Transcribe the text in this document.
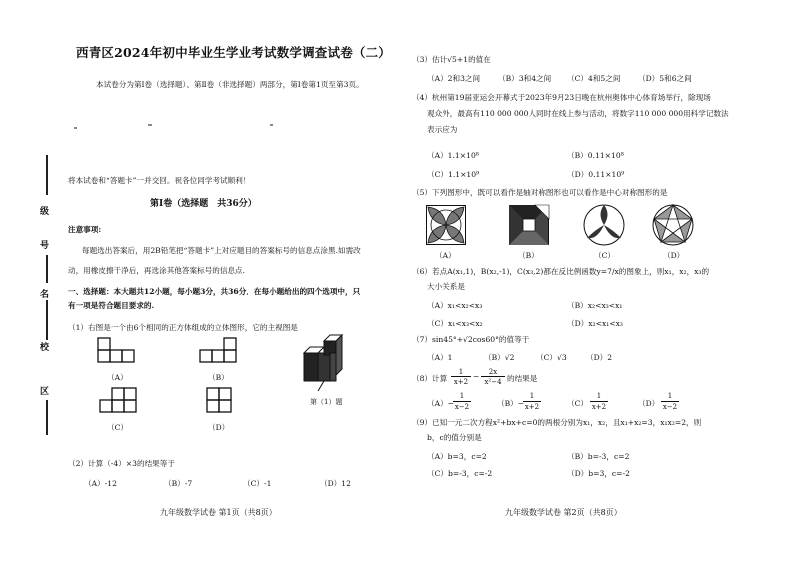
西青区2024年初中毕业生学业考试数学调查试卷（二）
本试卷分为第Ⅰ卷（选择题）、第Ⅱ卷（非选择题）两部分，第Ⅰ卷第1页至第3页。
级
号
名
校
区
将本试卷和“答题卡”一并交回。祝各位同学考试顺利！
第Ⅰ卷（选择题　共36分）
注意事项:
每题选出答案后，用2B铅笔把“答题卡”上对应题目的答案标号的信息点涂黑.如需改
动，用橡皮擦干净后，再选涂其他答案标号的信息点.
一、选择题：本大题共12小题，每小题3分，共36分．在每小题给出的四个选项中，只
有一项是符合题目要求的.
（1）右图是一个由6个相同的正方体组成的立体图形，它的主视图是
（A）	（B）
第（1）题
（C）	（D）
（2）计算（-4）×3的结果等于
（A）-12	（B）-7	（C）-1	（D）12
九年级数学试卷 第1页（共8页）
（3）估计√5+1的值在
（A）2和3之间 （B）3和4之间 （C）4和5之间 （D）5和6之间
（4）杭州第19届亚运会开幕式于2023年9月23日晚在杭州奥体中心体育场举行，除现场
观众外，最高有110 000 000人同时在线上参与活动，将数字110 000 000用科学记数法
表示应为
（A）1.1×10⁸	（B）0.11×10⁸
（C）1.1×10⁹	（D）0.11×10⁹
（5）下列图形中，既可以看作是轴对称图形也可以看作是中心对称图形的是
（A）	（B）	（C）	（D）
（6）若点A(x₁,1)，B(x₂,-1)，C(x₃,2)都在反比例函数y=7/x的图象上，则x₁，x₂，x₃的
大小关系是
（A）x₁<x₂<x₃	（B）x₂<x₃<x₁
（C）x₁<x₃<x₂	（D）x₂<x₁<x₃
（7）sin45°+√2cos60°的值等于
（A）1	（B）√2	（C）√3	（D）2
（8）计算
1
x+2
−	2x
x²−4 的结果是
（A）−
1
x−2	（B）−
1
x+2	（C）
1
x+2	（D）
1
x−2
（9）已知一元二次方程x²+bx+c=0的两根分别为x₁，x₂，且x₁+x₂=3，x₁x₂=2，则
b，c的值分别是
（A）b=3，c=2	（B）b=-3，c=2
（C）b=-3，c=-2	（D）b=3，c=-2
九年级数学试卷 第2页（共8页）
